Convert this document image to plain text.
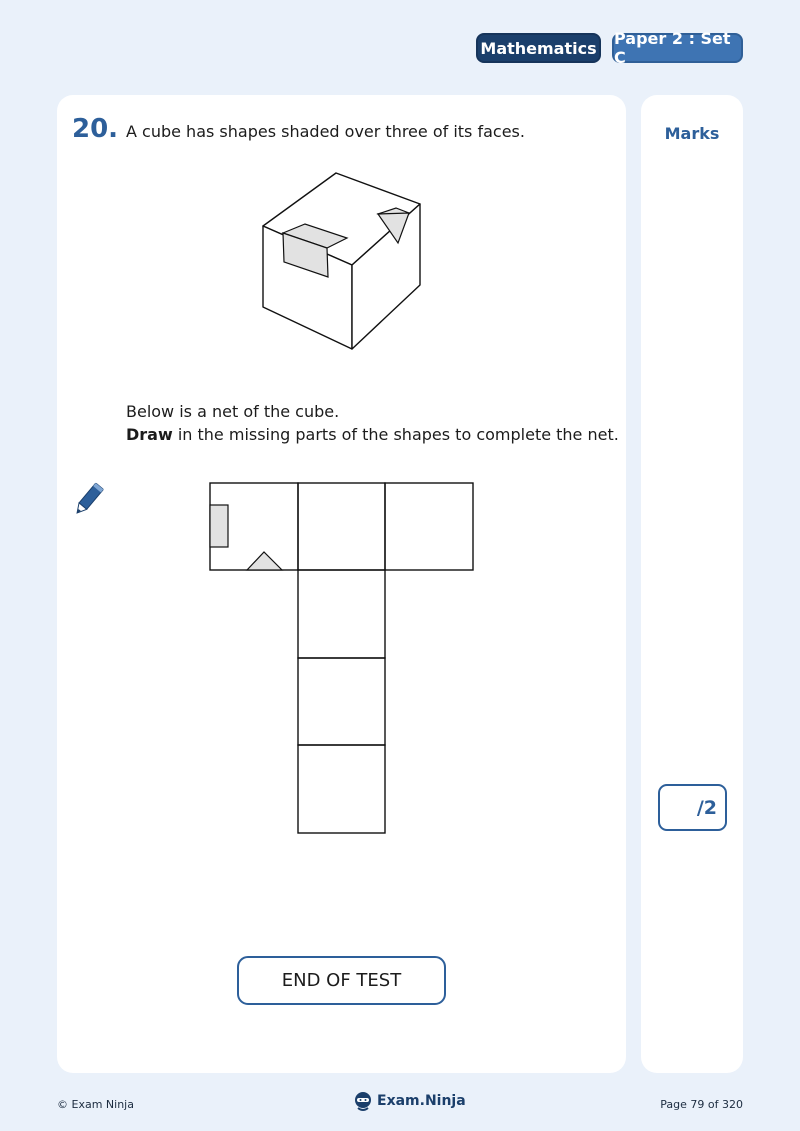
Mathematics Paper 2 : Set C
Marks
/2
20. A cube has shapes shaded over three of its faces.
Below is a net of the cube.
Draw in the missing parts of the shapes to complete the net.
END OF TEST
© Exam Ninja	Exam.Ninja	Page 79 of 320
